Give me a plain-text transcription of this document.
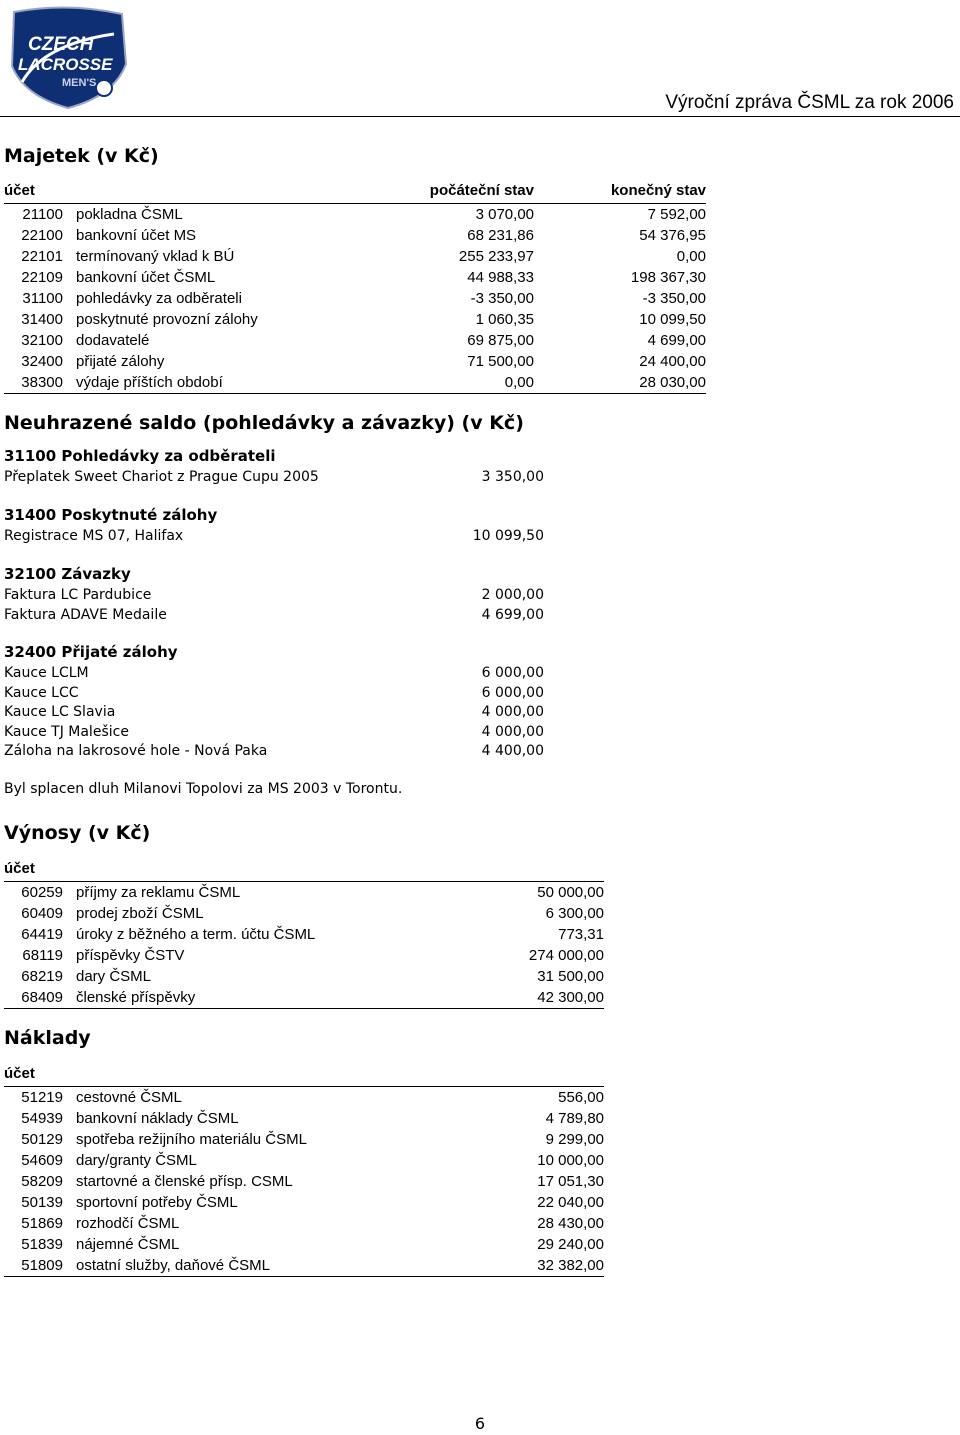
CZECH
LACROSSE
MEN'S
Výroční zpráva ČSML za rok 2006
Majetek (v Kč)
účet		počáteční stav	konečný stav
21100	pokladna ČSML	3 070,00	7 592,00
22100	bankovní účet MS	68 231,86	54 376,95
22101	termínovaný vklad k BÚ	255 233,97	0,00
22109	bankovní účet ČSML	44 988,33	198 367,30
31100	pohledávky za odběrateli	-3 350,00	-3 350,00
31400	poskytnuté provozní zálohy	1 060,35	10 099,50
32100	dodavatelé	69 875,00	4 699,00
32400	přijaté zálohy	71 500,00	24 400,00
38300	výdaje příštích období	0,00	28 030,00
Neuhrazené saldo (pohledávky a závazky) (v Kč)
31100 Pohledávky za odběrateli
Přeplatek Sweet Chariot z Prague Cupu 2005	3 350,00
31400 Poskytnuté zálohy
Registrace MS 07, Halifax	10 099,50
32100 Závazky
Faktura LC Pardubice	2 000,00
Faktura ADAVE Medaile	4 699,00
32400 Přijaté zálohy
Kauce LCLM	6 000,00
Kauce LCC	6 000,00
Kauce LC Slavia	4 000,00
Kauce TJ Malešice	4 000,00
Záloha na lakrosové hole - Nová Paka	4 400,00
Byl splacen dluh Milanovi Topolovi za MS 2003 v Torontu.
Výnosy (v Kč)
účet		
60259	příjmy za reklamu ČSML	50 000,00
60409	prodej zboží ČSML	6 300,00
64419	úroky z běžného a term. účtu ČSML	773,31
68119	příspěvky ČSTV	274 000,00
68219	dary ČSML	31 500,00
68409	členské příspěvky	42 300,00
Náklady
účet		
51219	cestovné ČSML	556,00
54939	bankovní náklady ČSML	4 789,80
50129	spotřeba režijního materiálu ČSML	9 299,00
54609	dary/granty ČSML	10 000,00
58209	startovné a členské přísp. CSML	17 051,30
50139	sportovní potřeby ČSML	22 040,00
51869	rozhodčí ČSML	28 430,00
51839	nájemné ČSML	29 240,00
51809	ostatní služby, daňové ČSML	32 382,00
6
